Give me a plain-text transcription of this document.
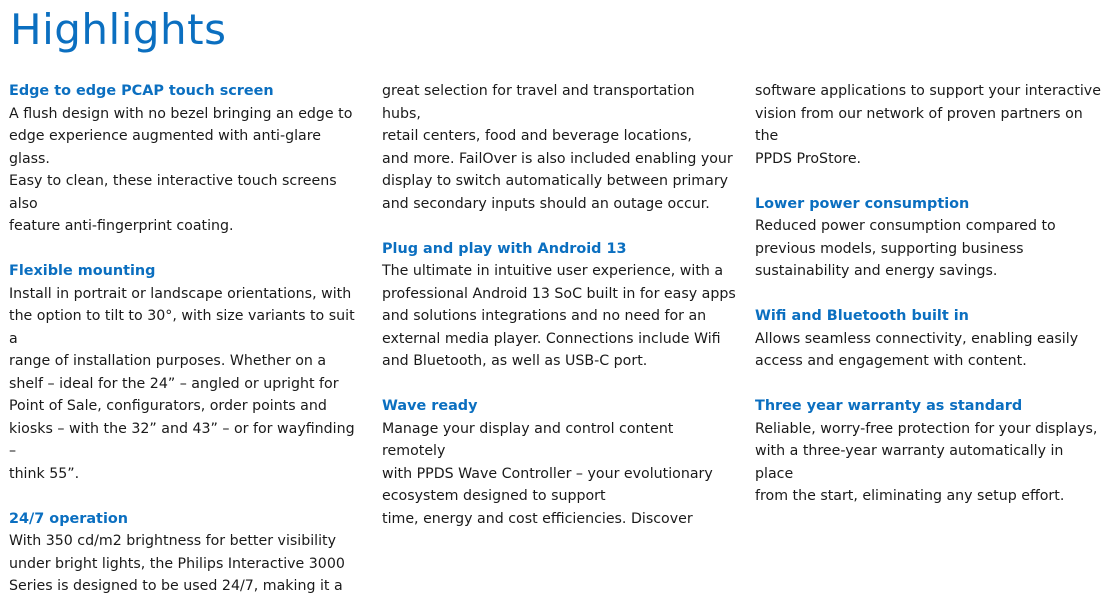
Highlights
Edge to edge PCAP touch screen

A flush design with no bezel bringing an edge to

edge experience augmented with anti-glare glass.

Easy to clean, these interactive touch screens also

feature anti-fingerprint coating.

Flexible mounting

Install in portrait or landscape orientations, with

the option to tilt to 30°, with size variants to suit a

range of installation purposes. Whether on a

shelf – ideal for the 24” – angled or upright for

Point of Sale, configurators, order points and

kiosks – with the 32” and 43” – or for wayfinding –

think 55”.

24/7 operation

With 350 cd/m2 brightness for better visibility

under bright lights, the Philips Interactive 3000

Series is designed to be used 24/7, making it a

great selection for travel and transportation hubs,

retail centers, food and beverage locations,

and more. FailOver is also included enabling your

display to switch automatically between primary

and secondary inputs should an outage occur.

Plug and play with Android 13

The ultimate in intuitive user experience, with a

professional Android 13 SoC built in for easy apps

and solutions integrations and no need for an

external media player. Connections include Wifi

and Bluetooth, as well as USB-C port.

Wave ready

Manage your display and control content remotely

with PPDS Wave Controller – your evolutionary

ecosystem designed to support

time, energy and cost efficiencies. Discover

software applications to support your interactive

vision from our network of proven partners on the

PPDS ProStore.

Lower power consumption

Reduced power consumption compared to

previous models, supporting business

sustainability and energy savings.

Wifi and Bluetooth built in

Allows seamless connectivity, enabling easily

access and engagement with content.

Three year warranty as standard

Reliable, worry-free protection for your displays,

with a three-year warranty automatically in place

from the start, eliminating any setup effort.
